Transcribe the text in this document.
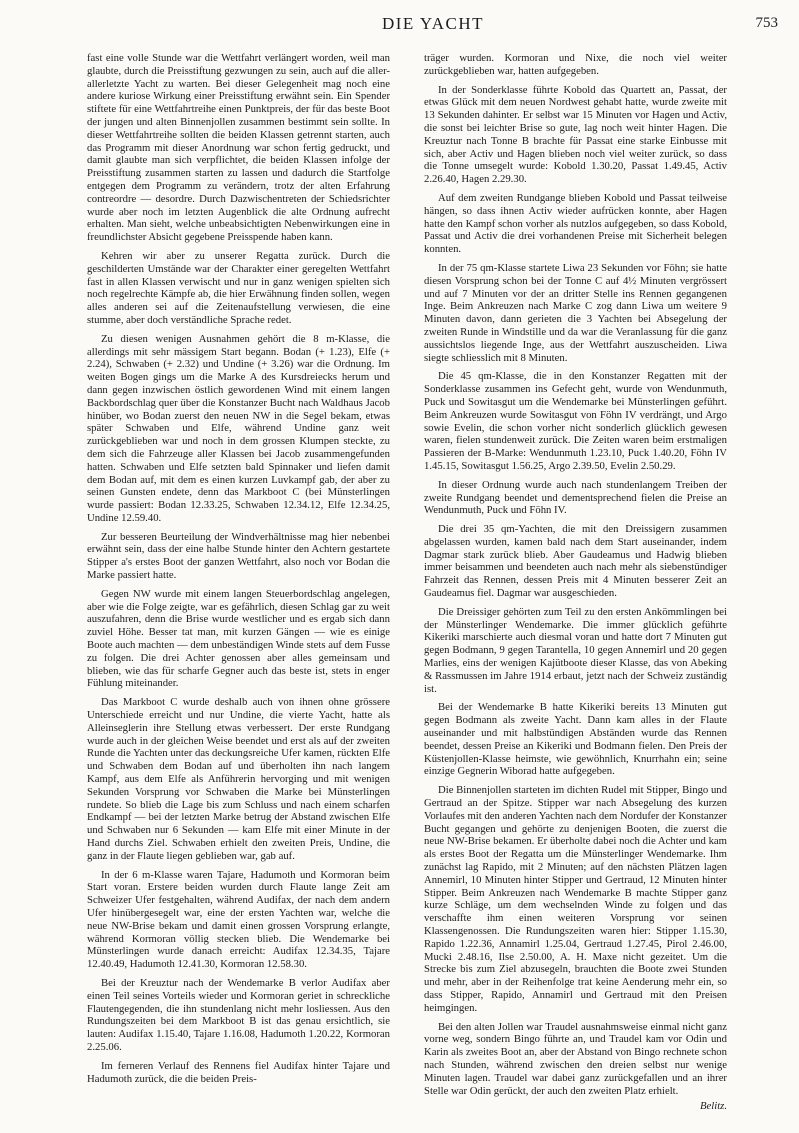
DIE YACHT	753

fast eine volle Stunde war die Wettfahrt verlängert worden, weil man glaubte, durch die Preisstiftung gezwungen zu sein, auch auf die aller- allerletzte Yacht zu warten. Bei dieser Gelegenheit mag noch eine andere kuriose Wirkung einer Preisstiftung erwähnt sein. Ein Spender stiftete für eine Wettfahrtreihe einen Punktpreis, der für das beste Boot der jungen und alten Binnenjollen zusammen bestimmt sein sollte. In dieser Wettfahrtreihe sollten die beiden Klassen getrennt starten, auch das Programm mit dieser Anordnung war schon fertig gedruckt, und damit glaubte man sich verpflichtet, die beiden Klassen infolge der Preisstiftung zusammen starten zu lassen und dadurch die Startfolge entgegen dem Programm zu verändern, trotz der alten Erfahrung contreordre — desordre. Durch Dazwischentreten der Schiedsrichter wurde aber noch im letzten Augenblick die alte Ordnung aufrecht erhalten. Man sieht, welche unbeabsichtigten Nebenwirkungen eine in freundlichster Absicht gegebene Preisspende haben kann.

Kehren wir aber zu unserer Regatta zurück. Durch die geschilderten Umstände war der Charakter einer geregelten Wettfahrt fast in allen Klassen verwischt und nur in ganz wenigen spielten sich noch regelrechte Kämpfe ab, die hier Erwähnung finden sollen, wegen alles anderen sei auf die Zeitenaufstellung verwiesen, die eine stumme, aber doch verständliche Sprache redet.

Zu diesen wenigen Ausnahmen gehört die 8 m-Klasse, die allerdings mit sehr mässigem Start begann. Bodan (+ 1.23), Elfe (+ 2.24), Schwaben (+ 2.32) und Undine (+ 3.26) war die Ordnung. Im weiten Bogen gings um die Marke A des Kursdreiecks herum und dann gegen inzwischen östlich gewordenen Wind mit einem langen Backbordschlag quer über die Konstanzer Bucht nach Waldhaus Jacob hinüber, wo Bodan zuerst den neuen NW in die Segel bekam, etwas später Schwaben und Elfe, während Undine ganz weit zurückgeblieben war und noch in dem grossen Klumpen steckte, zu dem sich die Fahrzeuge aller Klassen bei Jacob zusammengefunden hatten. Schwaben und Elfe setzten bald Spinnaker und liefen damit dem Bodan auf, mit dem es einen kurzen Luvkampf gab, der aber zu seinen Gunsten endete, denn das Markboot C (bei Münsterlingen wurde passiert: Bodan 12.33.25, Schwaben 12.34.12, Elfe 12.34.25, Undine 12.59.40.

Zur besseren Beurteilung der Windverhältnisse mag hier nebenbei erwähnt sein, dass der eine halbe Stunde hinter den Achtern gestartete Stipper a's erstes Boot der ganzen Wettfahrt, also noch vor Bodan die Marke passiert hatte.

Gegen NW wurde mit einem langen Steuerbordschlag angelegen, aber wie die Folge zeigte, war es gefährlich, diesen Schlag gar zu weit auszufahren, denn die Brise wurde westlicher und es ergab sich dann zuviel Höhe. Besser tat man, mit kurzen Gängen — wie es einige Boote auch machten — dem unbeständigen Winde stets auf dem Fusse zu folgen. Die drei Achter genossen aber alles gemeinsam und blieben, wie das für scharfe Gegner auch das beste ist, stets in enger Fühlung miteinander.

Das Markboot C wurde deshalb auch von ihnen ohne grössere Unterschiede erreicht und nur Undine, die vierte Yacht, hatte als Alleinseglerin ihre Stellung etwas verbessert. Der erste Rundgang wurde auch in der gleichen Weise beendet und erst als auf der zweiten Runde die Yachten unter das deckungsreiche Ufer kamen, rückten Elfe und Schwaben dem Bodan auf und überholten ihn nach langem Kampf, aus dem Elfe als Anführerin hervorging und mit wenigen Sekunden Vorsprung vor Schwaben die Marke bei Münsterlingen rundete. So blieb die Lage bis zum Schluss und nach einem scharfen Endkampf — bei der letzten Marke betrug der Abstand zwischen Elfe und Schwaben nur 6 Sekunden — kam Elfe mit einer Minute in der Hand durchs Ziel. Schwaben erhielt den zweiten Preis, Undine, die ganz in der Flaute liegen geblieben war, gab auf.

In der 6 m-Klasse waren Tajare, Hadumoth und Kormoran beim Start voran. Erstere beiden wurden durch Flaute lange Zeit am Schweizer Ufer festgehalten, während Audifax, der nach dem andern Ufer hinübergesegelt war, eine der ersten Yachten war, welche die neue NW-Brise bekam und damit einen grossen Vorsprung erlangte, während Kormoran völlig stecken blieb. Die Wendemarke bei Münsterlingen wurde danach erreicht: Audifax 12.34.35, Tajare 12.40.49, Hadumoth 12.41.30, Kormoran 12.58.30.

Bei der Kreuztur nach der Wendemarke B verlor Audifax aber einen Teil seines Vorteils wieder und Kormoran geriet in schreckliche Flautengegenden, die ihn stundenlang nicht mehr losliessen. Aus den Rundungszeiten bei dem Markboot B ist das genau ersichtlich, sie lauten: Audifax 1.15.40, Tajare 1.16.08, Hadumoth 1.20.22, Kormoran 2.25.06.

Im ferneren Verlauf des Rennens fiel Audifax hinter Tajare und Hadumoth zurück, die die beiden Preis-

träger wurden. Kormoran und Nixe, die noch viel weiter zurückgeblieben war, hatten aufgegeben.

In der Sonderklasse führte Kobold das Quartett an, Passat, der etwas Glück mit dem neuen Nordwest gehabt hatte, wurde zweite mit 13 Sekunden dahinter. Er selbst war 15 Minuten vor Hagen und Activ, die sonst bei leichter Brise so gute, lag noch weit hinter Hagen. Die Kreuztur nach Tonne B brachte für Passat eine starke Einbusse mit sich, aber Activ und Hagen blieben noch viel weiter zurück, so dass die Tonne umsegelt wurde: Kobold 1.30.20, Passat 1.49.45, Activ 2.26.40, Hagen 2.29.30.

Auf dem zweiten Rundgange blieben Kobold und Passat teilweise hängen, so dass ihnen Activ wieder aufrücken konnte, aber Hagen hatte den Kampf schon vorher als nutzlos aufgegeben, so dass Kobold, Passat und Activ die drei vorhandenen Preise mit Sicherheit belegen konnten.

In der 75 qm-Klasse startete Liwa 23 Sekunden vor Föhn; sie hatte diesen Vorsprung schon bei der Tonne C auf 4½ Minuten vergrössert und auf 7 Minuten vor der an dritter Stelle ins Rennen gegangenen Inge. Beim Ankreuzen nach Marke C zog dann Liwa um weitere 9 Minuten davon, dann gerieten die 3 Yachten bei Absegelung der zweiten Runde in Windstille und da war die Veranlassung für die ganz aussichtslos liegende Inge, aus der Wettfahrt auszuscheiden. Liwa siegte schliesslich mit 8 Minuten.

Die 45 qm-Klasse, die in den Konstanzer Regatten mit der Sonderklasse zusammen ins Gefecht geht, wurde von Wendunmuth, Puck und Sowitasgut um die Wendemarke bei Münsterlingen geführt. Beim Ankreuzen wurde Sowitasgut von Föhn IV verdrängt, und Argo sowie Evelin, die schon vorher nicht sonderlich glücklich gewesen waren, fielen stundenweit zurück. Die Zeiten waren beim erstmaligen Passieren der B-Marke: Wendunmuth 1.23.10, Puck 1.40.20, Föhn IV 1.45.15, Sowitasgut 1.56.25, Argo 2.39.50, Evelin 2.50.29.

In dieser Ordnung wurde auch nach stundenlangem Treiben der zweite Rundgang beendet und dementsprechend fielen die Preise an Wendunmuth, Puck und Föhn IV.

Die drei 35 qm-Yachten, die mit den Dreissigern zusammen abgelassen wurden, kamen bald nach dem Start auseinander, indem Dagmar stark zurück blieb. Aber Gaudeamus und Hadwig blieben immer beisammen und beendeten auch nach mehr als siebenstündiger Fahrzeit das Rennen, dessen Preis mit 4 Minuten besserer Zeit an Gaudeamus fiel. Dagmar war ausgeschieden.

Die Dreissiger gehörten zum Teil zu den ersten Ankömmlingen bei der Münsterlinger Wendemarke. Die immer glücklich geführte Kikeriki marschierte auch diesmal voran und hatte dort 7 Minuten gut gegen Bodmann, 9 gegen Tarantella, 10 gegen Annemirl und 20 gegen Marlies, eins der wenigen Kajütboote dieser Klasse, das von Abeking & Rassmussen im Jahre 1914 erbaut, jetzt nach der Schweiz zuständig ist.

Bei der Wendemarke B hatte Kikeriki bereits 13 Minuten gut gegen Bodmann als zweite Yacht. Dann kam alles in der Flaute auseinander und mit halbstündigen Abständen wurde das Rennen beendet, dessen Preise an Kikeriki und Bodmann fielen. Den Preis der Küstenjollen-Klasse heimste, wie gewöhnlich, Knurrhahn ein; seine einzige Gegnerin Wiborad hatte aufgegeben.

Die Binnenjollen starteten im dichten Rudel mit Stipper, Bingo und Gertraud an der Spitze. Stipper war nach Absegelung des kurzen Vorlaufes mit den anderen Yachten nach dem Nordufer der Konstanzer Bucht gegangen und gehörte zu denjenigen Booten, die zuerst die neue NW-Brise bekamen. Er überholte dabei noch die Achter und kam als erstes Boot der Regatta um die Münsterlinger Wendemarke. Ihm zunächst lag Rapido, mit 2 Minuten; auf den nächsten Plätzen lagen Annemirl, 10 Minuten hinter Stipper und Gertraud, 12 Minuten hinter Stipper. Beim Ankreuzen nach Wendemarke B machte Stipper ganz kurze Schläge, um dem wechselnden Winde zu folgen und das verschaffte ihm einen weiteren Vorsprung vor seinen Klassengenossen. Die Rundungszeiten waren hier: Stipper 1.15.30, Rapido 1.22.36, Annamirl 1.25.04, Gertraud 1.27.45, Pirol 2.46.00, Mucki 2.48.16, Ilse 2.50.00, A. H. Maxe nicht gezeitet. Um die Strecke bis zum Ziel abzusegeln, brauchten die Boote zwei Stunden und mehr, aber in der Reihenfolge trat keine Aenderung mehr ein, so dass Stipper, Rapido, Annamirl und Gertraud mit den Preisen heimgingen.

Bei den alten Jollen war Traudel ausnahmsweise einmal nicht ganz vorne weg, sondern Bingo führte an, und Traudel kam vor Odin und Karin als zweites Boot an, aber der Abstand von Bingo rechnete schon nach Stunden, während zwischen den dreien selbst nur wenige Minuten lagen. Traudel war dabei ganz zurückgefallen und an ihrer Stelle war Odin gerückt, der auch den zweiten Platz erhielt.

Belitz.
